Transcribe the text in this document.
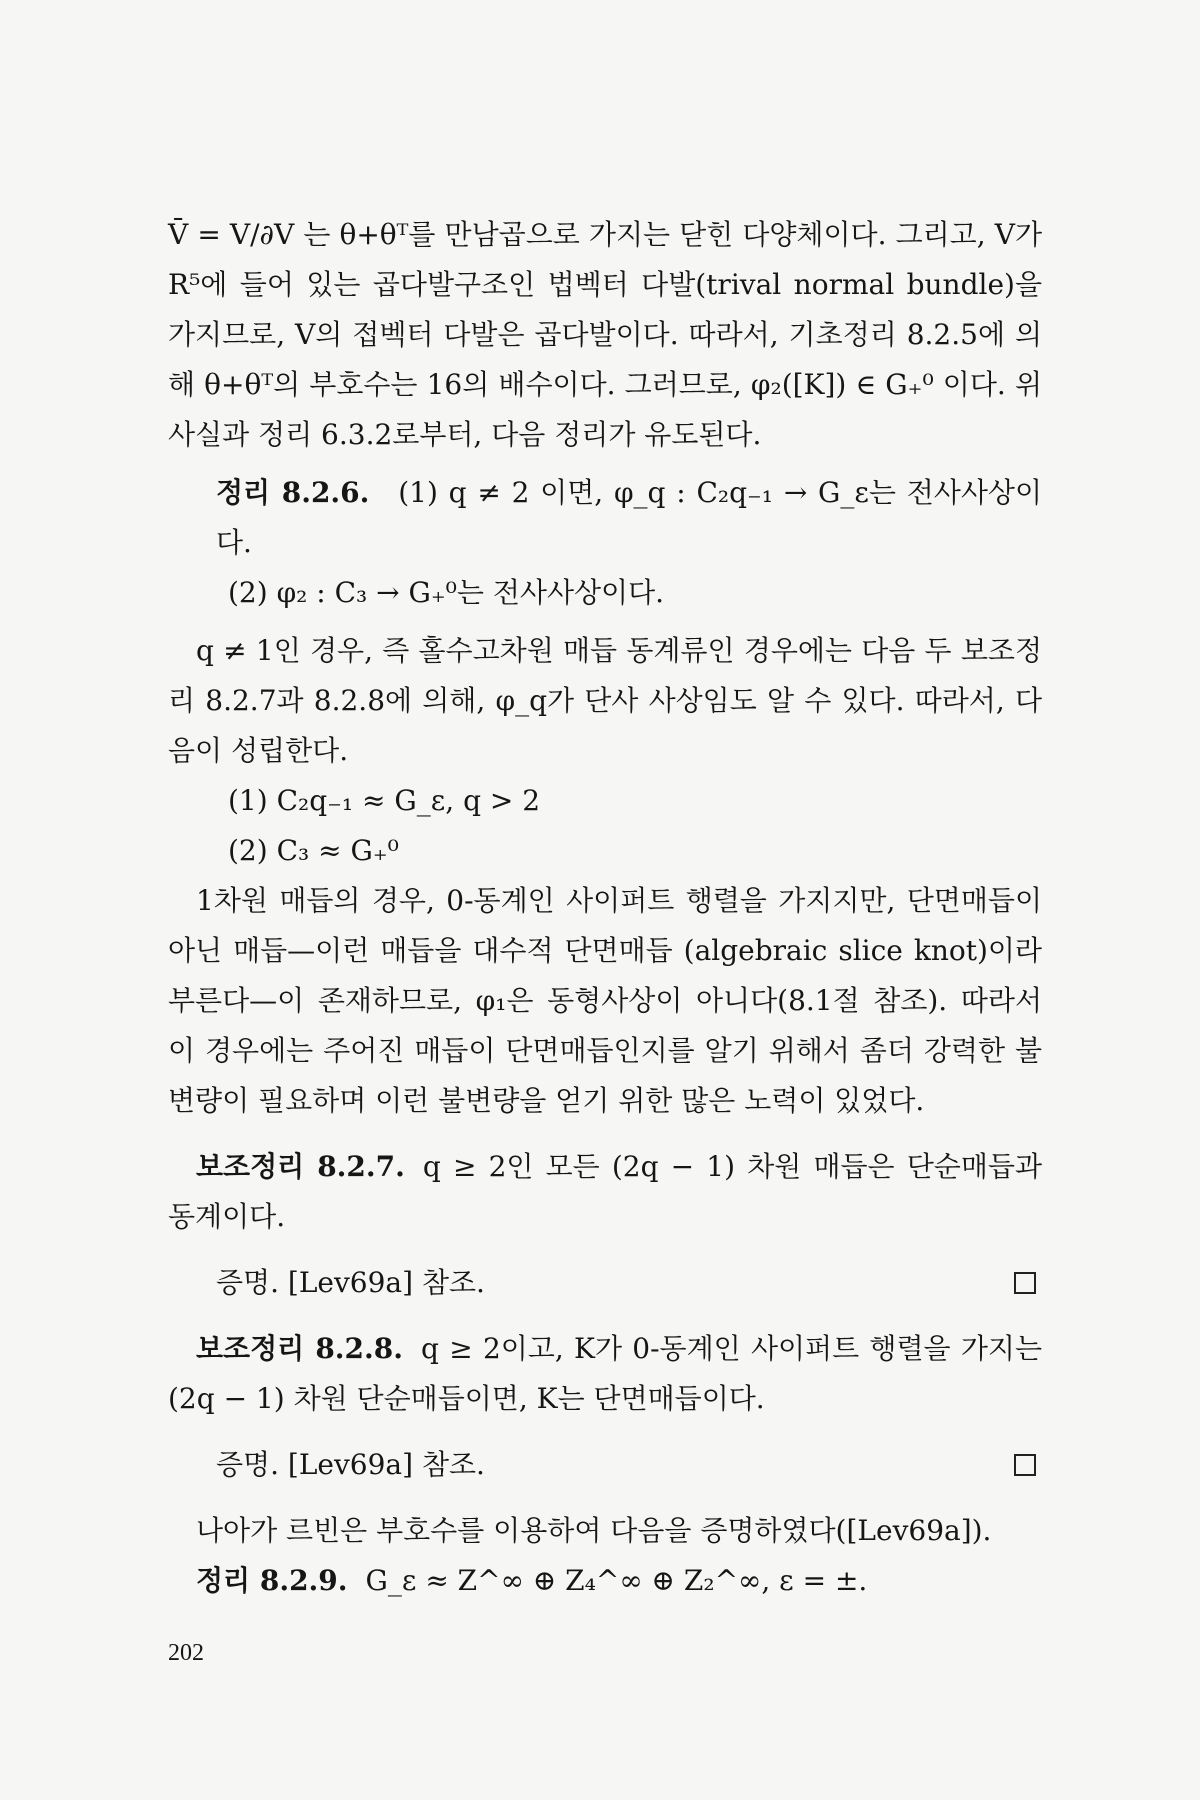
V̄ = V/∂V 는 θ+θᵀ를 만남곱으로 가지는 닫힌 다양체이다. 그리고, V가 R⁵에 들어 있는 곱다발구조인 법벡터 다발(trival normal bundle)을 가지므로, V의 접벡터 다발은 곱다발이다. 따라서, 기초정리 8.2.5에 의해 θ+θᵀ의 부호수는 16의 배수이다. 그러므로, φ₂([K]) ∈ G₊⁰ 이다. 위 사실과 정리 6.3.2로부터, 다음 정리가 유도된다.

정리 8.2.6. (1) q ≠ 2 이면, φ_q : C₂q₋₁ → G_ε는 전사사상이다.

(2) φ₂ : C₃ → G₊⁰는 전사사상이다.

q ≠ 1인 경우, 즉 홀수고차원 매듭 동계류인 경우에는 다음 두 보조정리 8.2.7과 8.2.8에 의해, φ_q가 단사 사상임도 알 수 있다. 따라서, 다음이 성립한다.

(1) C₂q₋₁ ≈ G_ε, q > 2

(2) C₃ ≈ G₊⁰

1차원 매듭의 경우, 0-동계인 사이퍼트 행렬을 가지지만, 단면매듭이 아닌 매듭—이런 매듭을 대수적 단면매듭 (algebraic slice knot)이라 부른다—이 존재하므로, φ₁은 동형사상이 아니다(8.1절 참조). 따라서 이 경우에는 주어진 매듭이 단면매듭인지를 알기 위해서 좀더 강력한 불변량이 필요하며 이런 불변량을 얻기 위한 많은 노력이 있었다.

보조정리 8.2.7. q ≥ 2인 모든 (2q − 1) 차원 매듭은 단순매듭과 동계이다.

증명. [Lev69a] 참조.

보조정리 8.2.8. q ≥ 2이고, K가 0-동계인 사이퍼트 행렬을 가지는 (2q − 1) 차원 단순매듭이면, K는 단면매듭이다.

증명. [Lev69a] 참조.

나아가 르빈은 부호수를 이용하여 다음을 증명하였다([Lev69a]).

정리 8.2.9. G_ε ≈ Z^∞ ⊕ Z₄^∞ ⊕ Z₂^∞, ε = ±.

202
